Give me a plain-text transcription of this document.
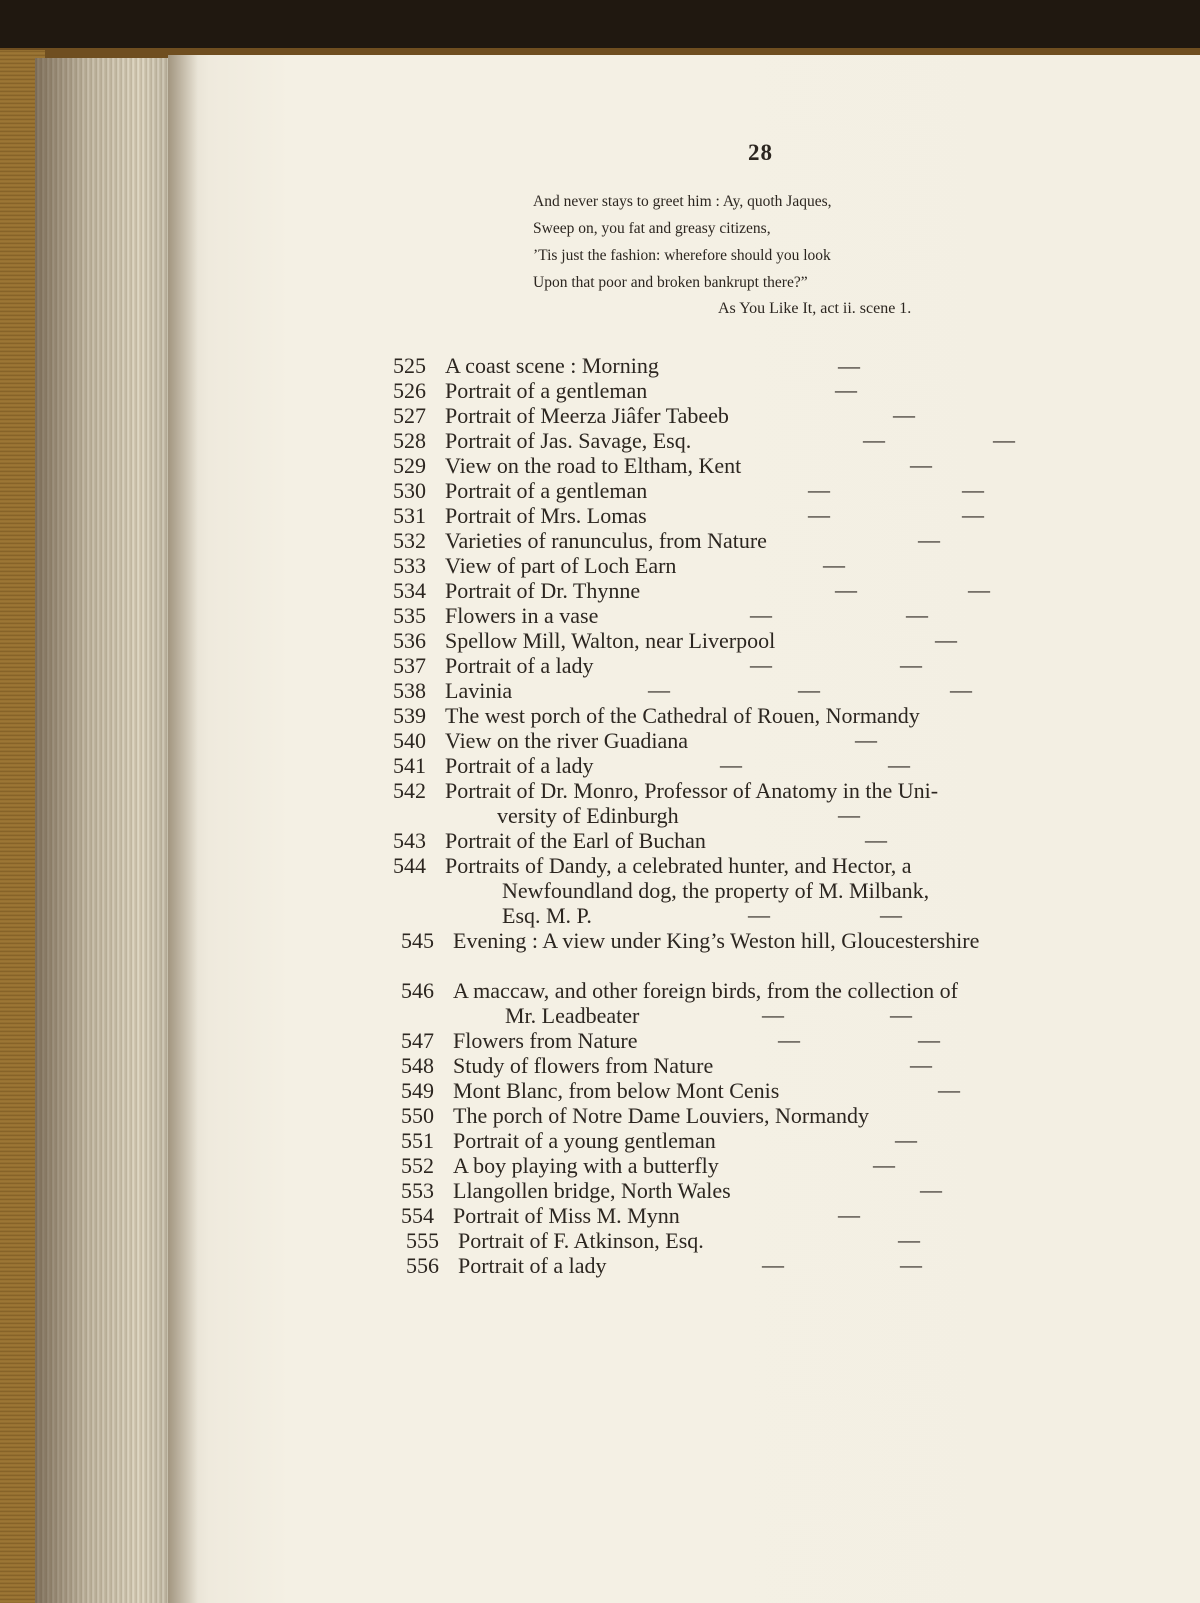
28
And never stays to greet him : Ay, quoth Jaques,
Sweep on, you fat and greasy citizens,
’Tis just the fashion: wherefore should you look
Upon that poor and broken bankrupt there?”
As You Like It, act ii. scene 1.
525 A coast scene : Morning	—
526 Portrait of a gentleman	—
527 Portrait of Meerza Jiâfer Tabeeb	—
528 Portrait of Jas. Savage, Esq.	—	—
529 View on the road to Eltham, Kent	—
530 Portrait of a gentleman	—	—
531 Portrait of Mrs. Lomas	—	—
532 Varieties of ranunculus, from Nature	—
533 View of part of Loch Earn	—
534 Portrait of Dr. Thynne	—	—
535 Flowers in a vase	—	—
536 Spellow Mill, Walton, near Liverpool	—
537 Portrait of a lady	—	—
538 Lavinia	—	—	—
539 The west porch of the Cathedral of Rouen, Normandy
540 View on the river Guadiana	—
541 Portrait of a lady	—	—
542 Portrait of Dr. Monro, Professor of Anatomy in the Uni-
versity of Edinburgh	—
543 Portrait of the Earl of Buchan	—
544 Portraits of Dandy, a celebrated hunter, and Hector, a
Newfoundland dog, the property of M. Milbank,
Esq. M. P.	—	—
545 Evening : A view under King’s Weston hill, Gloucestershire
546 A maccaw, and other foreign birds, from the collection of
Mr. Leadbeater	—	—
547 Flowers from Nature	—	—
548 Study of flowers from Nature	—
549 Mont Blanc, from below Mont Cenis	—
550 The porch of Notre Dame Louviers, Normandy
551 Portrait of a young gentleman	—
552 A boy playing with a butterfly	—
553 Llangollen bridge, North Wales	—
554 Portrait of Miss M. Mynn	—
555 Portrait of F. Atkinson, Esq.	—
556 Portrait of a lady	—	—
